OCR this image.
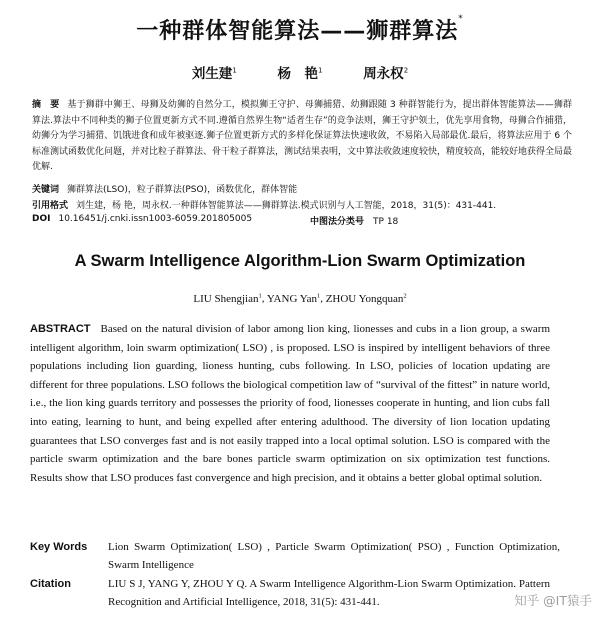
一种群体智能算法——狮群算法*
刘生建$^1$	杨　艳$^1$	周永权$^2$
摘　要 基于狮群中狮王、母狮及幼狮的自然分工，模拟狮王守护、母狮捕猎、幼狮跟随 3 种群智能行为，提出群体智能算法——狮群算法.算法中不同种类的狮子位置更新方式不同.遵循自然界生物“适者生存”的竞争法则，狮王守护领土，优先享用食物，母狮合作捕猎，幼狮分为学习捕猎、饥饿进食和成年被驱逐.狮子位置更新方式的多样化保证算法快速收敛，不易陷入局部最优.最后，将算法应用于 6 个标准测试函数优化问题，并对比粒子群算法、骨干粒子群算法，测试结果表明，文中算法收敛速度较快，精度较高，能较好地获得全局最优解.
关键词 狮群算法(LSO)，粒子群算法(PSO)，函数优化，群体智能
引用格式 刘生建，杨 艳，周永权.一种群体智能算法——狮群算法.模式识别与人工智能，2018，31(5)：431-441.
DOI 10.16451/j.cnki.issn1003-6059.201805005	中图法分类号　 TP 18
A Swarm Intelligence Algorithm-Lion Swarm Optimization
LIU Shengjian$^1$, YANG Yan$^1$, ZHOU Yongquan$^2$
ABSTRACT Based on the natural division of labor among lion king, lionesses and cubs in a lion group, a swarm intelligent algorithm, loin swarm optimization( LSO) , is proposed. LSO is inspired by intelligent behaviors of three populations including lion guarding, lioness hunting, cubs following. In LSO, policies of location updating are different for three populations. LSO follows the biological competition law of “survival of the fittest” in nature world, i.e., the lion king guards territory and possesses the priority of food, lionesses cooperate in hunting, and lion cubs fall into eating, learning to hunt, and being expelled after entering adulthood. The diversity of lion location updating guarantees that LSO converges fast and is not easily trapped into a local optimal solution. LSO is compared with the particle swarm optimization and the bare bones particle swarm optimization on six optimization test functions. Results show that LSO produces fast convergence and high precision, and it obtains a better global optimal solution.
Key Words Lion Swarm Optimization( LSO) , Particle Swarm Optimization( PSO) , Function Optimization, Swarm Intelligence
Citation	LIU S J, YANG Y, ZHOU Y Q. A Swarm Intelligence Algorithm-Lion Swarm Optimization. Pattern Recognition and Artificial Intelligence, 2018, 31(5): 431-441.	知乎 @IT猿手
